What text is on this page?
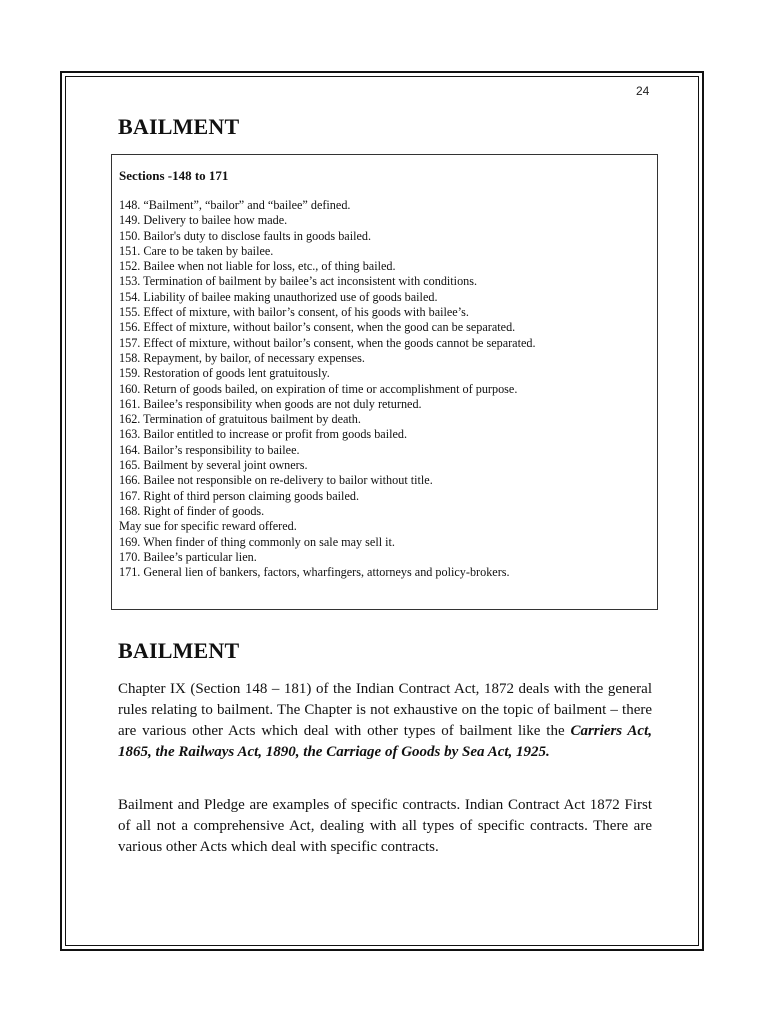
24
BAILMENT

Sections -148 to 171

148. “Bailment”, “bailor” and “bailee” defined.
149. Delivery to bailee how made.
150. Bailor's duty to disclose faults in goods bailed.
151. Care to be taken by bailee.
152. Bailee when not liable for loss, etc., of thing bailed.
153. Termination of bailment by bailee’s act inconsistent with conditions.
154. Liability of bailee making unauthorized use of goods bailed.
155. Effect of mixture, with bailor’s consent, of his goods with bailee’s.
156. Effect of mixture, without bailor’s consent, when the good can be separated.
157. Effect of mixture, without bailor’s consent, when the goods cannot be separated.
158. Repayment, by bailor, of necessary expenses.
159. Restoration of goods lent gratuitously.
160. Return of goods bailed, on expiration of time or accomplishment of purpose.
161. Bailee’s responsibility when goods are not duly returned.
162. Termination of gratuitous bailment by death.
163. Bailor entitled to increase or profit from goods bailed.
164. Bailor’s responsibility to bailee.
165. Bailment by several joint owners.
166. Bailee not responsible on re-delivery to bailor without title.
167. Right of third person claiming goods bailed.
168. Right of finder of goods.
May sue for specific reward offered.
169. When finder of thing commonly on sale may sell it.
170. Bailee’s particular lien.
171. General lien of bankers, factors, wharfingers, attorneys and policy-brokers.
BAILMENT

Chapter IX (Section 148 – 181) of the Indian Contract Act, 1872 deals with the general rules relating to bailment. The Chapter is not exhaustive on the topic of bailment – there are various other Acts which deal with other types of bailment like the Carriers Act, 1865, the Railways Act, 1890, the Carriage of Goods by Sea Act, 1925.

Bailment and Pledge are examples of specific contracts. Indian Contract Act 1872 First of all not a comprehensive Act, dealing with all types of specific contracts. There are various other Acts which deal with specific contracts.
